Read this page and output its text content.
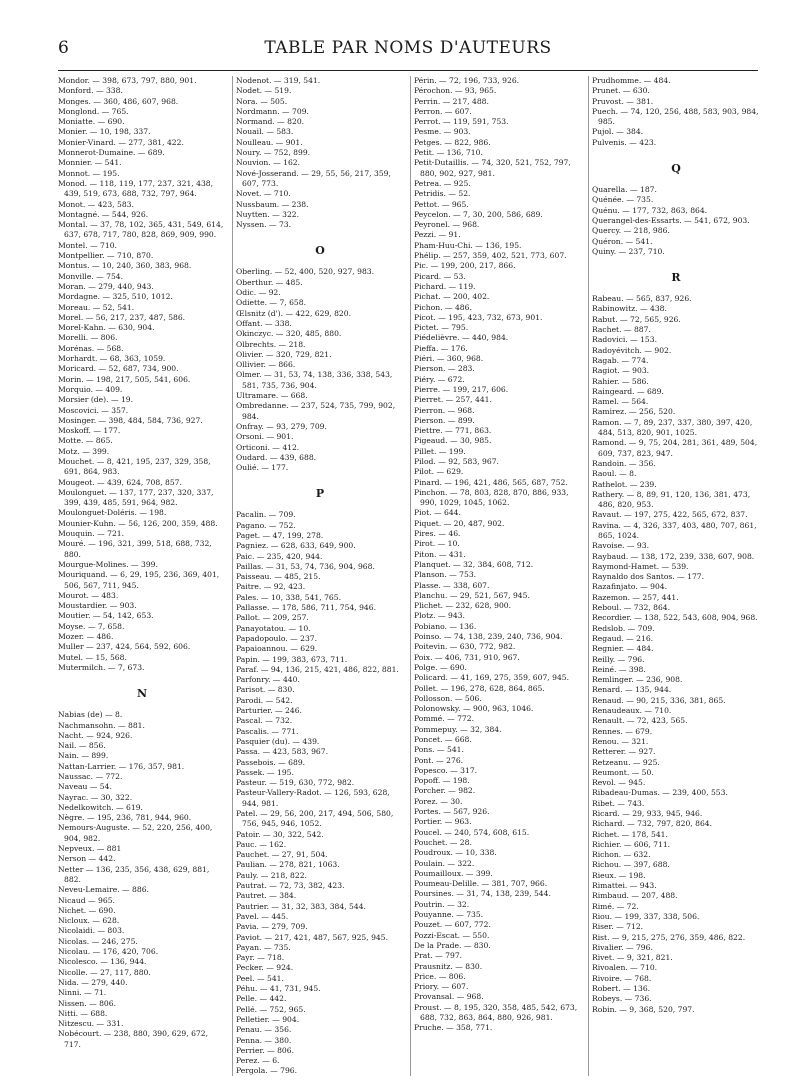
6	TABLE PAR NOMS D'AUTEURS

Mondor. — 398, 673, 797, 880, 901.

Monford. — 338.

Monges. — 360, 486, 607, 968.

Monglond. — 765.

Moniatte. — 690.

Monier. — 10, 198, 337.

Monier-Vinard. — 277, 381, 422.

Monnerot-Dumaine. — 689.

Monnier. — 541.

Monnot. — 195.

Monod. — 118, 119, 177, 237, 321, 438, 439, 519, 673, 688, 732, 797, 964.

Monot. — 423, 583.

Montagné. — 544, 926.

Montal. — 37, 78, 102, 365, 431, 549, 614, 637, 678, 717, 780, 828, 869, 909, 990.

Montel. — 710.

Montpellier. — 710, 870.

Montus. — 10, 240, 360, 383, 968.

Monville. — 754.

Moran. — 279, 440, 943.

Mordagne. — 325, 510, 1012.

Moreau. — 52, 541.

Morel. — 56, 217, 237, 487, 586.

Morel-Kahn. — 630, 904.

Morelli. — 806.

Morénas. — 568.

Morhardt. — 68, 363, 1059.

Moricard. — 52, 687, 734, 900.

Morin. — 198, 217, 505, 541, 606.

Morquio. — 409.

Morsier (de). — 19.

Moscovici. — 357.

Mosinger. — 398, 484, 584, 736, 927.

Moskoff. — 177.

Motte. — 865.

Motz. — 399.

Mouchet. — 8, 421, 195, 237, 329, 358, 691, 864, 983.

Mougeot. — 439, 624, 708, 857.

Moulonguet. — 137, 177, 237, 320, 337, 399, 439, 485, 591, 964, 982.

Moulonguet-Doléris. — 198.

Mounier-Kuhn. — 56, 126, 200, 359, 488.

Mouquin. — 721.

Mouré. — 196, 321, 399, 518, 688, 732, 880.

Mourgue-Molines. — 399.

Mouriquand. — 6, 29, 195, 236, 369, 401, 506, 567, 711, 945.

Mourot. — 483.

Moustardier. — 903.

Moutier. — 54, 142, 653.

Moyse. — 7, 658.

Mozer. — 486.

Muller — 237, 424, 564, 592, 606.

Mutel. — 15, 568.

Mutermilch. — 7, 673.

N

Nabias (de) — 8.

Nachmansohn. — 881.

Nacht. — 924, 926.

Nail. — 856.

Nain. — 899.

Nattan-Larrier. — 176, 357, 981.

Naussac. — 772.

Naveau — 54.

Nayrac. — 30, 322.

Nedelkowitch. — 619.

Nègre. — 195, 236, 781, 944, 960.

Nemours-Auguste. — 52, 220, 256, 400, 904, 982.

Nepveux. — 881

Nerson — 442.

Netter — 136, 235, 356, 438, 629, 881, 882.

Neveu-Lemaire. — 886.

Nicaud — 965.

Nichet. — 690.

Nicloux. — 628.

Nicolaidi. — 803.

Nicolas. — 246, 275.

Nicolau. — 176, 420, 706.

Nicolesco. — 136, 944.

Nicolle. — 27, 117, 880.

Nida. — 279, 440.

Ninni. — 71.

Nissen. — 806.

Nitti. — 688.

Nitzescu. — 331.

Nobécourt. — 238, 880, 390, 629, 672, 717.

Nodenot. — 319, 541.

Nodet. — 519.

Nora. — 505.

Nordmann. — 709.

Normand. — 820.

Nouail. — 583.

Noulleau. — 901.

Noury. — 752, 899.

Nouvion. — 162.

Nové-Josserand. — 29, 55, 56, 217, 359, 607, 773.

Novet. — 710.

Nussbaum. — 238.

Nuytten. — 322.

Nyssen. — 73.

O

Oberling. — 52, 400, 520, 927, 983.

Oberthur. — 485.

Odic. — 92.

Odiette. — 7, 658.

Œlsnitz (d'). — 422, 629, 820.

Offant. — 338.

Okinczyc. — 320, 485, 880.

Olbrechts. — 218.

Olivier. — 320, 729, 821.

Ollivier. — 866.

Olmer. — 31, 53, 74, 138, 336, 338, 543, 581, 735, 736, 904.

Ultramare. — 668.

Ombredanne. — 237, 524, 735, 799, 902, 984.

Onfray. — 93, 279, 709.

Orsoni. — 901.

Orticoni. — 412.

Oudard. — 439, 688.

Oulié. — 177.

P

Pacalin. — 709.

Pagano. — 752.

Paget. — 47, 199, 278.

Pagniez. — 628, 633, 649, 900.

Paic. — 235, 420, 944.

Paillas. — 31, 53, 74, 736, 904, 968.

Paisseau. — 485, 215.

Paitre. — 92, 423.

Pales. — 10, 338, 541, 765.

Pallasse. — 178, 586, 711, 754, 946.

Pallot. — 209, 257.

Panayotatou. — 10.

Papadopoulo. — 237.

Papaioannou. — 629.

Papin. — 199, 383, 673, 711.

Paraf. — 94, 136, 215, 421, 486, 822, 881.

Parfonry. — 440.

Parisot. — 830.

Parodi. — 542.

Parturier. — 246.

Pascal. — 732.

Pascalis. — 771.

Pasquier (du). — 439.

Passa. — 423, 583, 967.

Passebois. — 689.

Passek. — 195.

Pasteur. — 519, 630, 772, 982.

Pasteur-Vallery-Radot. — 126, 593, 628, 944, 981.

Patel. — 29, 56, 200, 217, 494, 506, 580, 756, 945, 946, 1052.

Patoir. — 30, 322, 542.

Pauc. — 162.

Pauchet. — 27, 91, 504.

Paulian. — 278, 821, 1063.

Pauly. — 218, 822.

Pautrat. — 72, 73, 382, 423.

Pautret. — 384.

Pautrier. — 31, 32, 383, 384, 544.

Pavel. — 445.

Pavia. — 279, 709.

Paviot. — 217, 421, 487, 567, 925, 945.

Payan. — 735.

Payr. — 718.

Pecker. — 924.

Peel. — 541.

Péhu. — 41, 731, 945.

Pelle. — 442.

Pellé. — 752, 965.

Pelletier. — 904.

Penau. — 356.

Penna. — 380.

Perrier. — 806.

Perez. — 6.

Pergola. — 796.

Périn. — 72, 196, 733, 926.

Pérochon. — 93, 965.

Perrin. — 217, 488.

Perron. — 607.

Perrot. — 119, 591, 753.

Pesme. — 903.

Petges. — 822, 986.

Petit. — 136, 710.

Petit-Dutaillis. — 74, 320, 521, 752, 797, 880, 902, 927, 981.

Petrea. — 925.

Petridis. — 52.

Pettot. — 965.

Peycelon. — 7, 30, 200, 586, 689.

Peyronel. — 968.

Pezzi. — 91.

Pham-Huu-Chi. — 136, 195.

Phélip. — 257, 359, 402, 521, 773, 607.

Pic. — 199, 200, 217, 866.

Picard. — 53.

Pichard. — 119.

Pichat. — 200, 402.

Pichon. — 486.

Picot. — 195, 423, 732, 673, 901.

Pictet. — 795.

Piédelièvre. — 440, 984.

Pieffa. — 176.

Piéri. — 360, 968.

Pierson. — 283.

Piéry. — 672.

Pierre. — 199, 217, 606.

Pierret. — 257, 441.

Pierron. — 968.

Pierson. — 899.

Piettre. — 771, 863.

Pigeaud. — 30, 985.

Pillet. — 199.

Pilod. — 92, 583, 967.

Pilot. — 629.

Pinard. — 196, 421, 486, 565, 687, 752.

Pinchon. — 78, 803, 828, 870, 886, 933, 990, 1029, 1045, 1062.

Piot. — 644.

Piquet. — 20, 487, 902.

Pires. — 46.

Pirot. — 10.

Piton. — 431.

Planquet. — 32, 384, 608, 712.

Planson. — 753.

Plasse. — 338, 607.

Planchu. — 29, 521, 567, 945.

Plichet. — 232, 628, 900.

Plotz. — 943.

Pobiano. — 136.

Poinso. — 74, 138, 239, 240, 736, 904.

Poitevin. — 630, 772, 982.

Poix. — 406, 731, 910, 967.

Polge. — 690.

Policard. — 41, 169, 275, 359, 607, 945.

Pollet. — 196, 278, 628, 864, 865.

Pollosson. — 506.

Polonowsky. — 900, 963, 1046.

Pommé. — 772.

Pommepuy. — 32, 384.

Poncet. — 668.

Pons. — 541.

Pont. — 276.

Popesco. — 317.

Popoff. — 198.

Porcher. — 982.

Porez. — 30.

Portes. — 567, 926.

Portier. — 963.

Poucel. — 240, 574, 608, 615.

Pouchet. — 28.

Poudroux. — 10, 338.

Poulain. — 322.

Poumailloux. — 399.

Poumeau-Delille. — 381, 707, 966.

Poursines. — 31, 74, 138, 239, 544.

Poutrin. — 32.

Pouyanne. — 735.

Pouzet. — 607, 772.

Pozzi-Escat. — 550.

De la Prade. — 830.

Prat. — 797.

Prausnitz. — 830.

Price. — 806.

Priory. — 607.

Provansal. — 968.

Proust. — 8, 195, 320, 358, 485, 542, 673, 688, 732, 863, 864, 880, 926, 981.

Pruche. — 358, 771.

Prudhomme. — 484.

Prunet. — 630.

Pruvost. — 381.

Puech. — 74, 120, 256, 488, 583, 903, 984, 985.

Pujol. — 384.

Pulvenis. — 423.

Q

Quarella. — 187.

Quénée. — 735.

Quénu. — 177, 732, 863, 864.

Querangel-des-Essarts. — 541, 672, 903.

Quercy. — 218, 986.

Quéron. — 541.

Quiny. — 237, 710.

R

Rabeau. — 565, 837, 926.

Rabinowitz. — 438.

Rabut. — 72, 565, 926.

Rachet. — 887.

Radovici. — 153.

Radoyévitch. — 902.

Ragab. — 774.

Ragiot. — 903.

Rahier. — 586.

Raingeard. — 689.

Ramel. — 564.

Ramirez. — 256, 520.

Ramon. — 7, 89, 237, 337, 380, 397, 420, 484, 513, 820, 901, 1025.

Ramond. — 9, 75, 204, 281, 361, 489, 504, 609, 737, 823, 947.

Randoin. — 356.

Raoul. — 8.

Rathelot. — 239.

Rathery. — 8, 89, 91, 120, 136, 381, 473, 486, 820, 953.

Ravaut. — 197, 275, 422, 565, 672, 837.

Ravina. — 4, 326, 337, 403, 480, 707, 861, 865, 1024.

Ravoise. — 93.

Raybaud. — 138, 172, 239, 338, 607, 908.

Raymond-Hamet. — 539.

Raynaldo dos Santos. — 177.

Razafinjato. — 904.

Razemon. — 257, 441.

Reboul. — 732, 864.

Recordier. — 138, 522, 543, 608, 904, 968.

Redslob. — 709.

Regaud. — 216.

Regnier. — 484.

Reilly. — 796.

Reiné. — 398.

Remlinger. — 236, 908.

Renard. — 135, 944.

Renaud. — 90, 215, 336, 381, 865.

Renaudeaux. — 710.

Renault. — 72, 423, 565.

Rennes. — 679.

Renou. — 321.

Retterer. — 927.

Retzeanu. — 925.

Reumont. — 50.

Revol. — 945.

Ribadeau-Dumas. — 239, 400, 553.

Ribet. — 743.

Ricard. — 29, 933, 945, 946.

Richard. — 732, 797, 820, 864.

Richet. — 178, 541.

Richier. — 606, 711.

Richon. — 632.

Richou. — 397, 688.

Rieux. — 198.

Rimattei. — 943.

Rimbaud. — 207, 488.

Rimé. — 72.

Riou. — 199, 337, 338, 506.

Riser. — 712.

Rist. — 9, 215, 275, 276, 359, 486, 822.

Rivalier. — 796.

Rivet. — 9, 321, 821.

Rivoalen. — 710.

Rivoire. — 768.

Robert. — 136.

Robeys. — 736.

Robin. — 9, 368, 520, 797.
